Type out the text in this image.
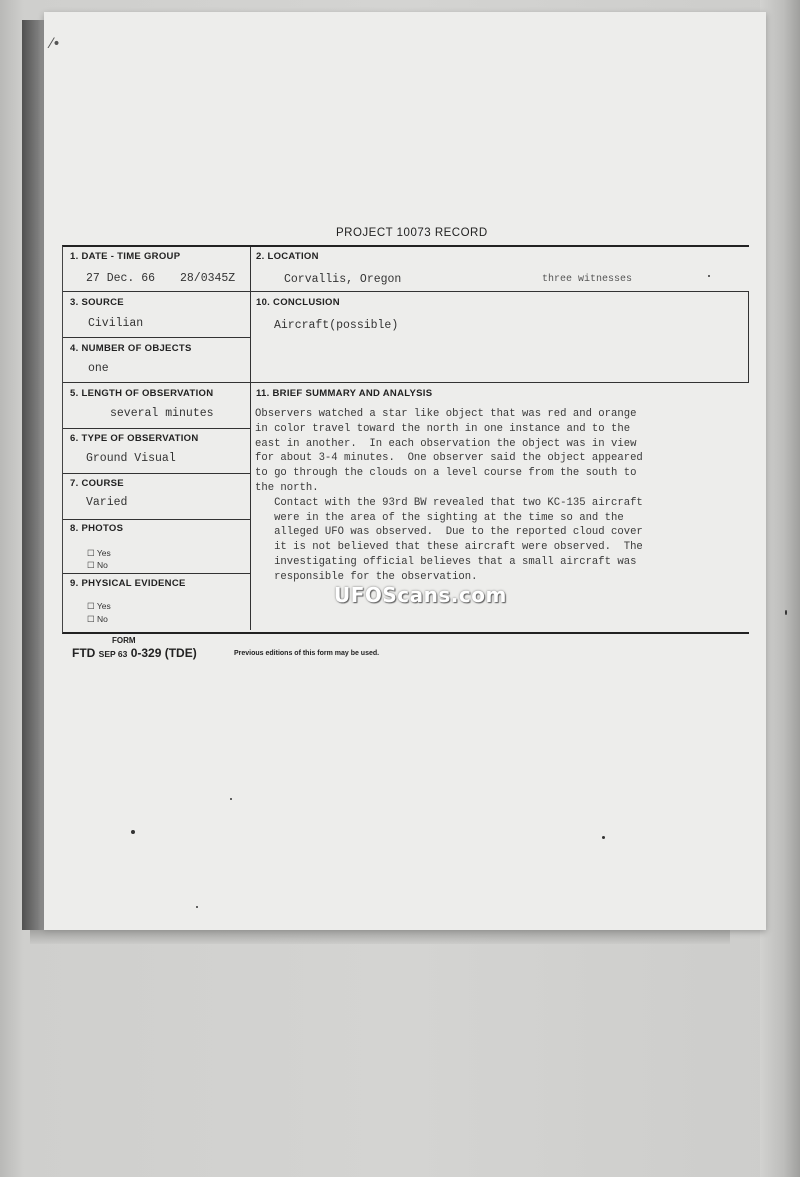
⁄•
PROJECT 10073 RECORD
1. DATE - TIME GROUP
27 Dec. 66 28/0345Z
2. LOCATION
Corvallis, Oregon	three witnesses
3. SOURCE
Civilian
10. CONCLUSION
Aircraft(possible)
4. NUMBER OF OBJECTS
one
5. LENGTH OF OBSERVATION
several minutes
6. TYPE OF OBSERVATION
Ground Visual
7. COURSE
Varied
8. PHOTOS
☐ Yes
☐ No
9. PHYSICAL EVIDENCE
☐ Yes
☐ No
11. BRIEF SUMMARY AND ANALYSIS

Observers watched a star like object that was red and orange

in color travel toward the north in one instance and to the

east in another.  In each observation the object was in view

for about 3-4 minutes.  One observer said the object appeared

to go through the clouds on a level course from the south to

the north.

Contact with the 93rd BW revealed that two KC-135 aircraft

were in the area of the sighting at the time so and the

alleged UFO was observed.  Due to the reported cloud cover

it is not believed that these aircraft were observed.  The

investigating official believes that a small aircraft was

responsible for the observation.

UFOScans.com
FORM
FTD SEP 63 0-329 (TDE)	Previous editions of this form may be used.
